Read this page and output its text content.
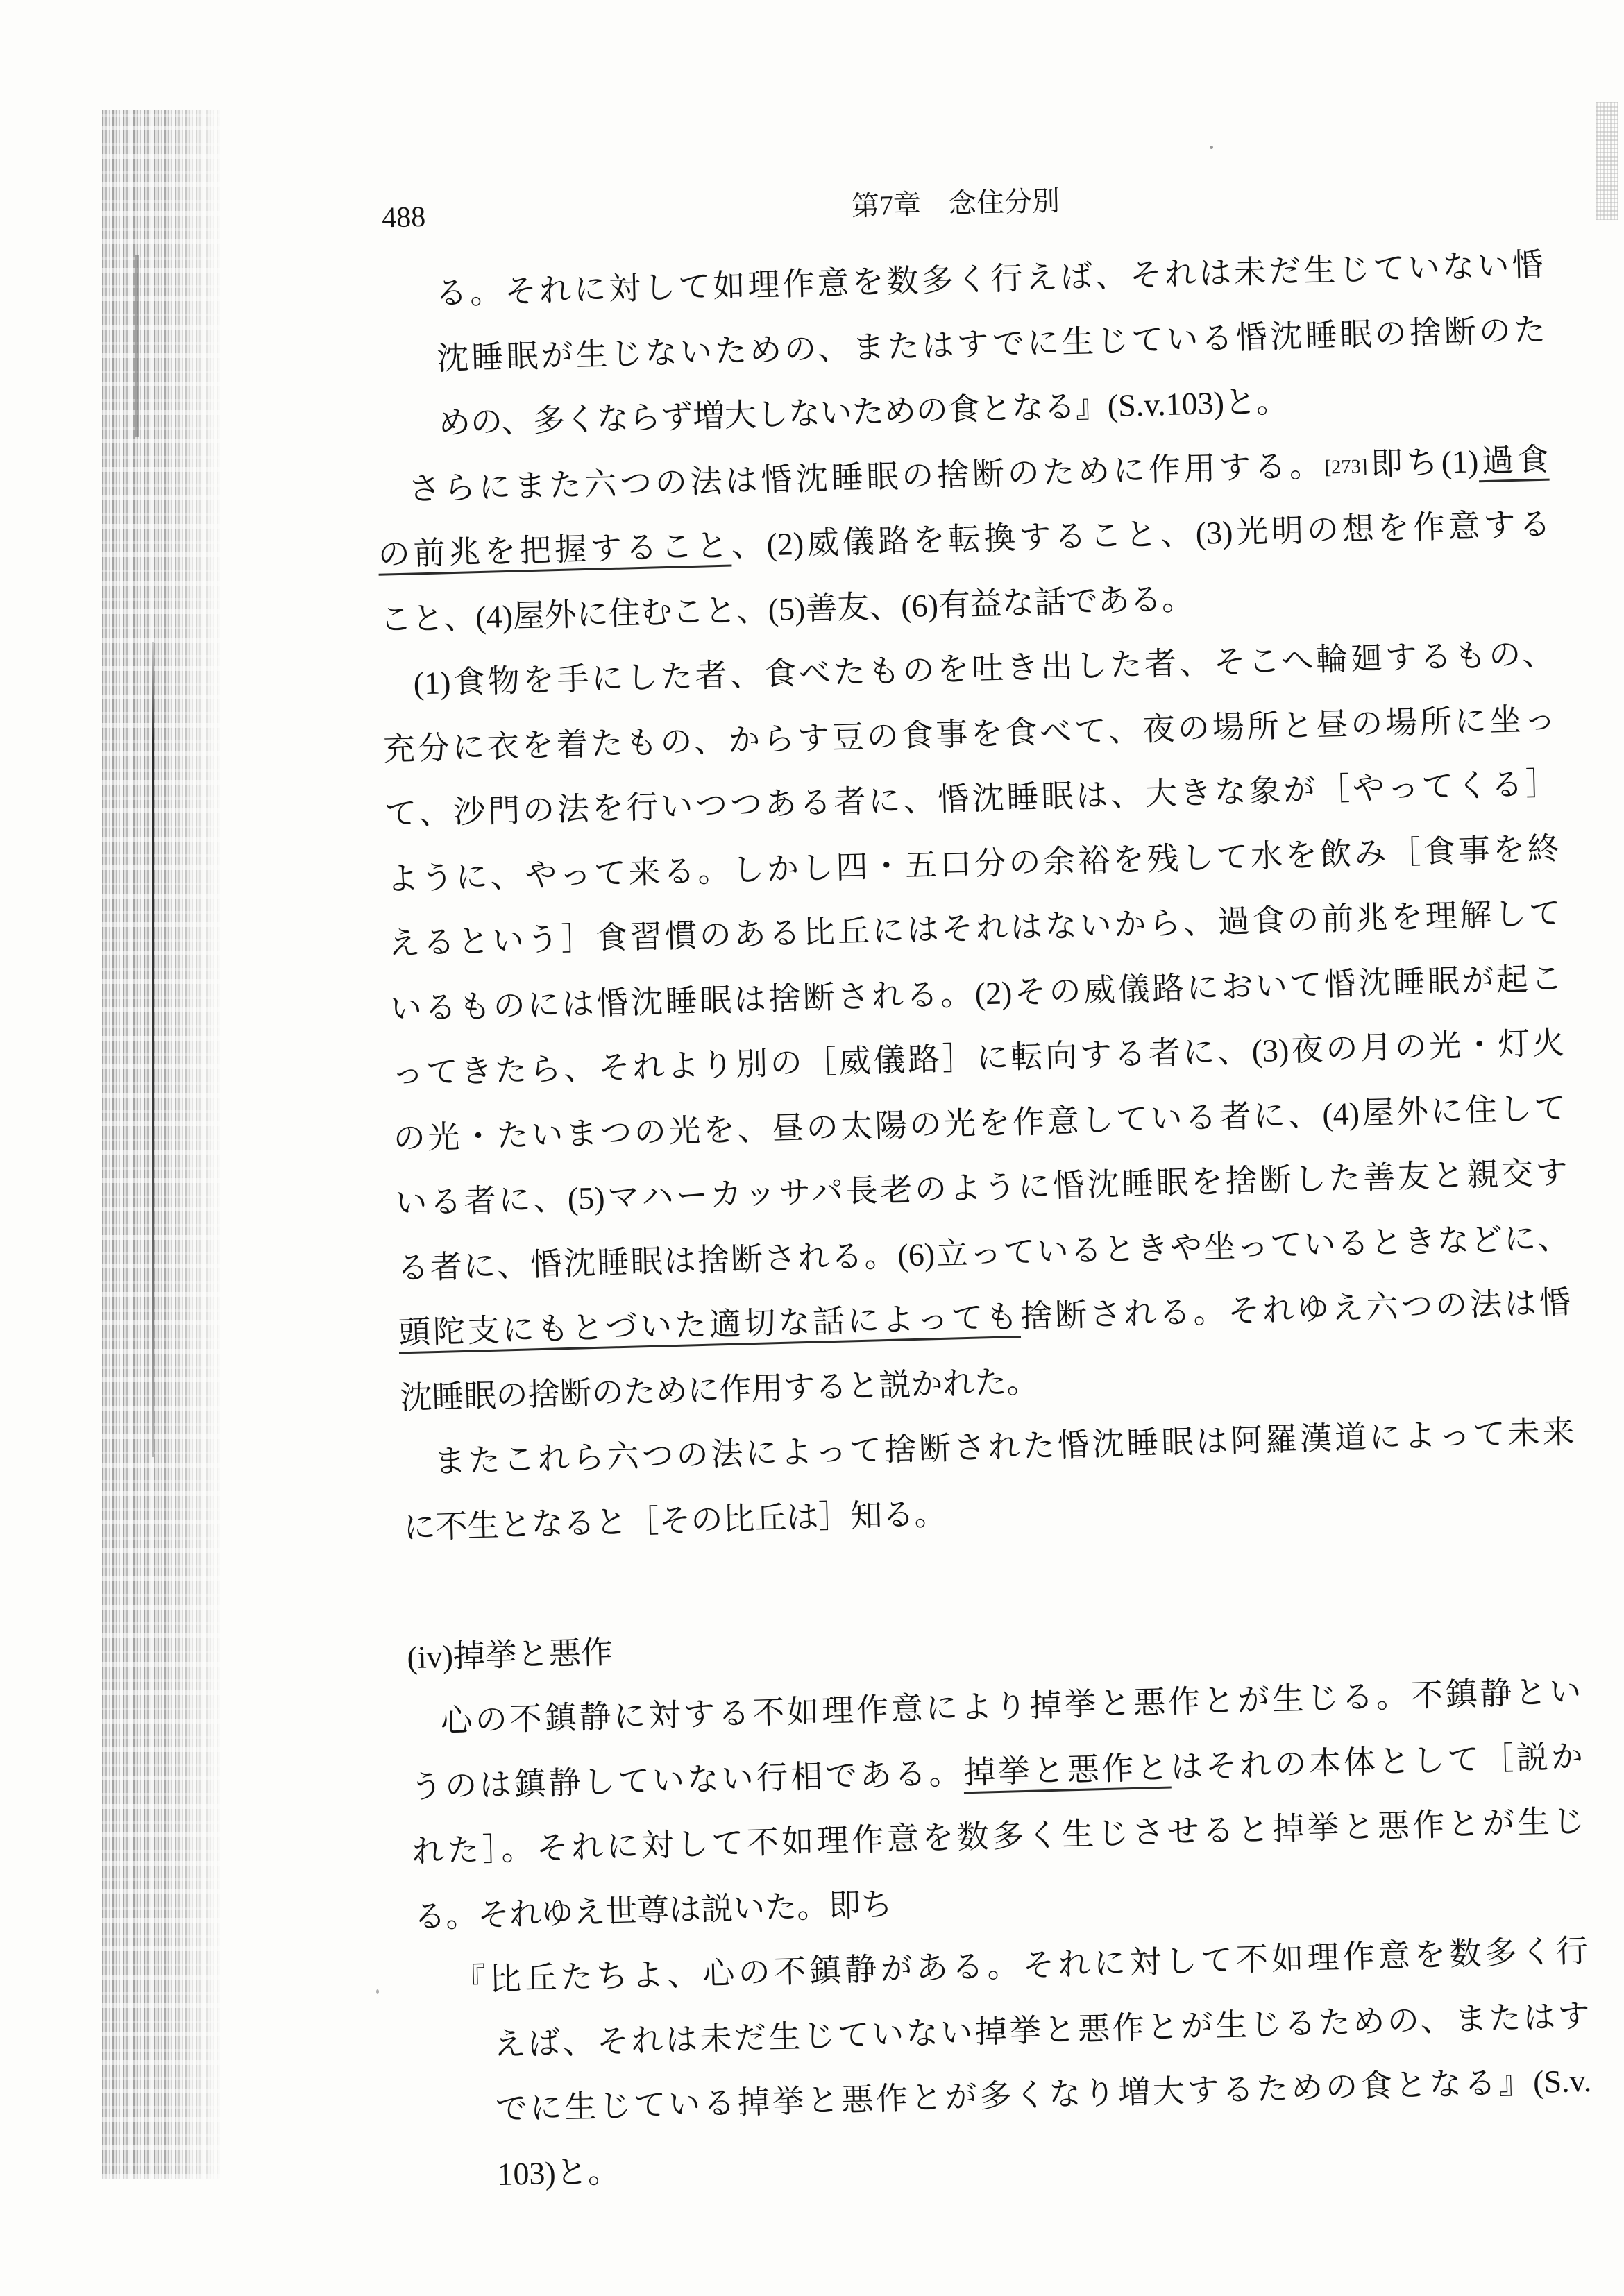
488	第7章　念住分別
る。それに対して如理作意を数多く行えば、それは未だ生じていない惛
沈睡眠が生じないための、またはすでに生じている惛沈睡眠の捨断のた
めの、多くならず増大しないための食となる』(S.v.103)と。
さらにまた六つの法は惛沈睡眠の捨断のために作用する。[273]即ち(1)過食
の前兆を把握すること、(2)威儀路を転換すること、(3)光明の想を作意する
こと、(4)屋外に住むこと、(5)善友、(6)有益な話である。
(1)食物を手にした者、食べたものを吐き出した者、そこへ輪廻するもの、
充分に衣を着たもの、からす豆の食事を食べて、夜の場所と昼の場所に坐っ
て、沙門の法を行いつつある者に、惛沈睡眠は、大きな象が［やってくる］
ように、やって来る。しかし四・五口分の余裕を残して水を飲み［食事を終
えるという］食習慣のある比丘にはそれはないから、過食の前兆を理解して
いるものには惛沈睡眠は捨断される。(2)その威儀路において惛沈睡眠が起こ
ってきたら、それより別の［威儀路］に転向する者に、(3)夜の月の光・灯火
の光・たいまつの光を、昼の太陽の光を作意している者に、(4)屋外に住して
いる者に、(5)マハーカッサパ長老のように惛沈睡眠を捨断した善友と親交す
る者に、惛沈睡眠は捨断される。(6)立っているときや坐っているときなどに、
頭陀支にもとづいた適切な話によっても捨断される。それゆえ六つの法は惛
沈睡眠の捨断のために作用すると説かれた。
またこれら六つの法によって捨断された惛沈睡眠は阿羅漢道によって未来
に不生となると［その比丘は］知る。
(iv)掉挙と悪作
心の不鎮静に対する不如理作意により掉挙と悪作とが生じる。不鎮静とい
うのは鎮静していない行相である。掉挙と悪作とはそれの本体として［説か
れた］。それに対して不如理作意を数多く生じさせると掉挙と悪作とが生じ
る。それゆえ世尊は説いた。即ち
『比丘たちよ、心の不鎮静がある。それに対して不如理作意を数多く行
えば、それは未だ生じていない掉挙と悪作とが生じるための、またはす
でに生じている掉挙と悪作とが多くなり増大するための食となる』(S.v.
103)と。
